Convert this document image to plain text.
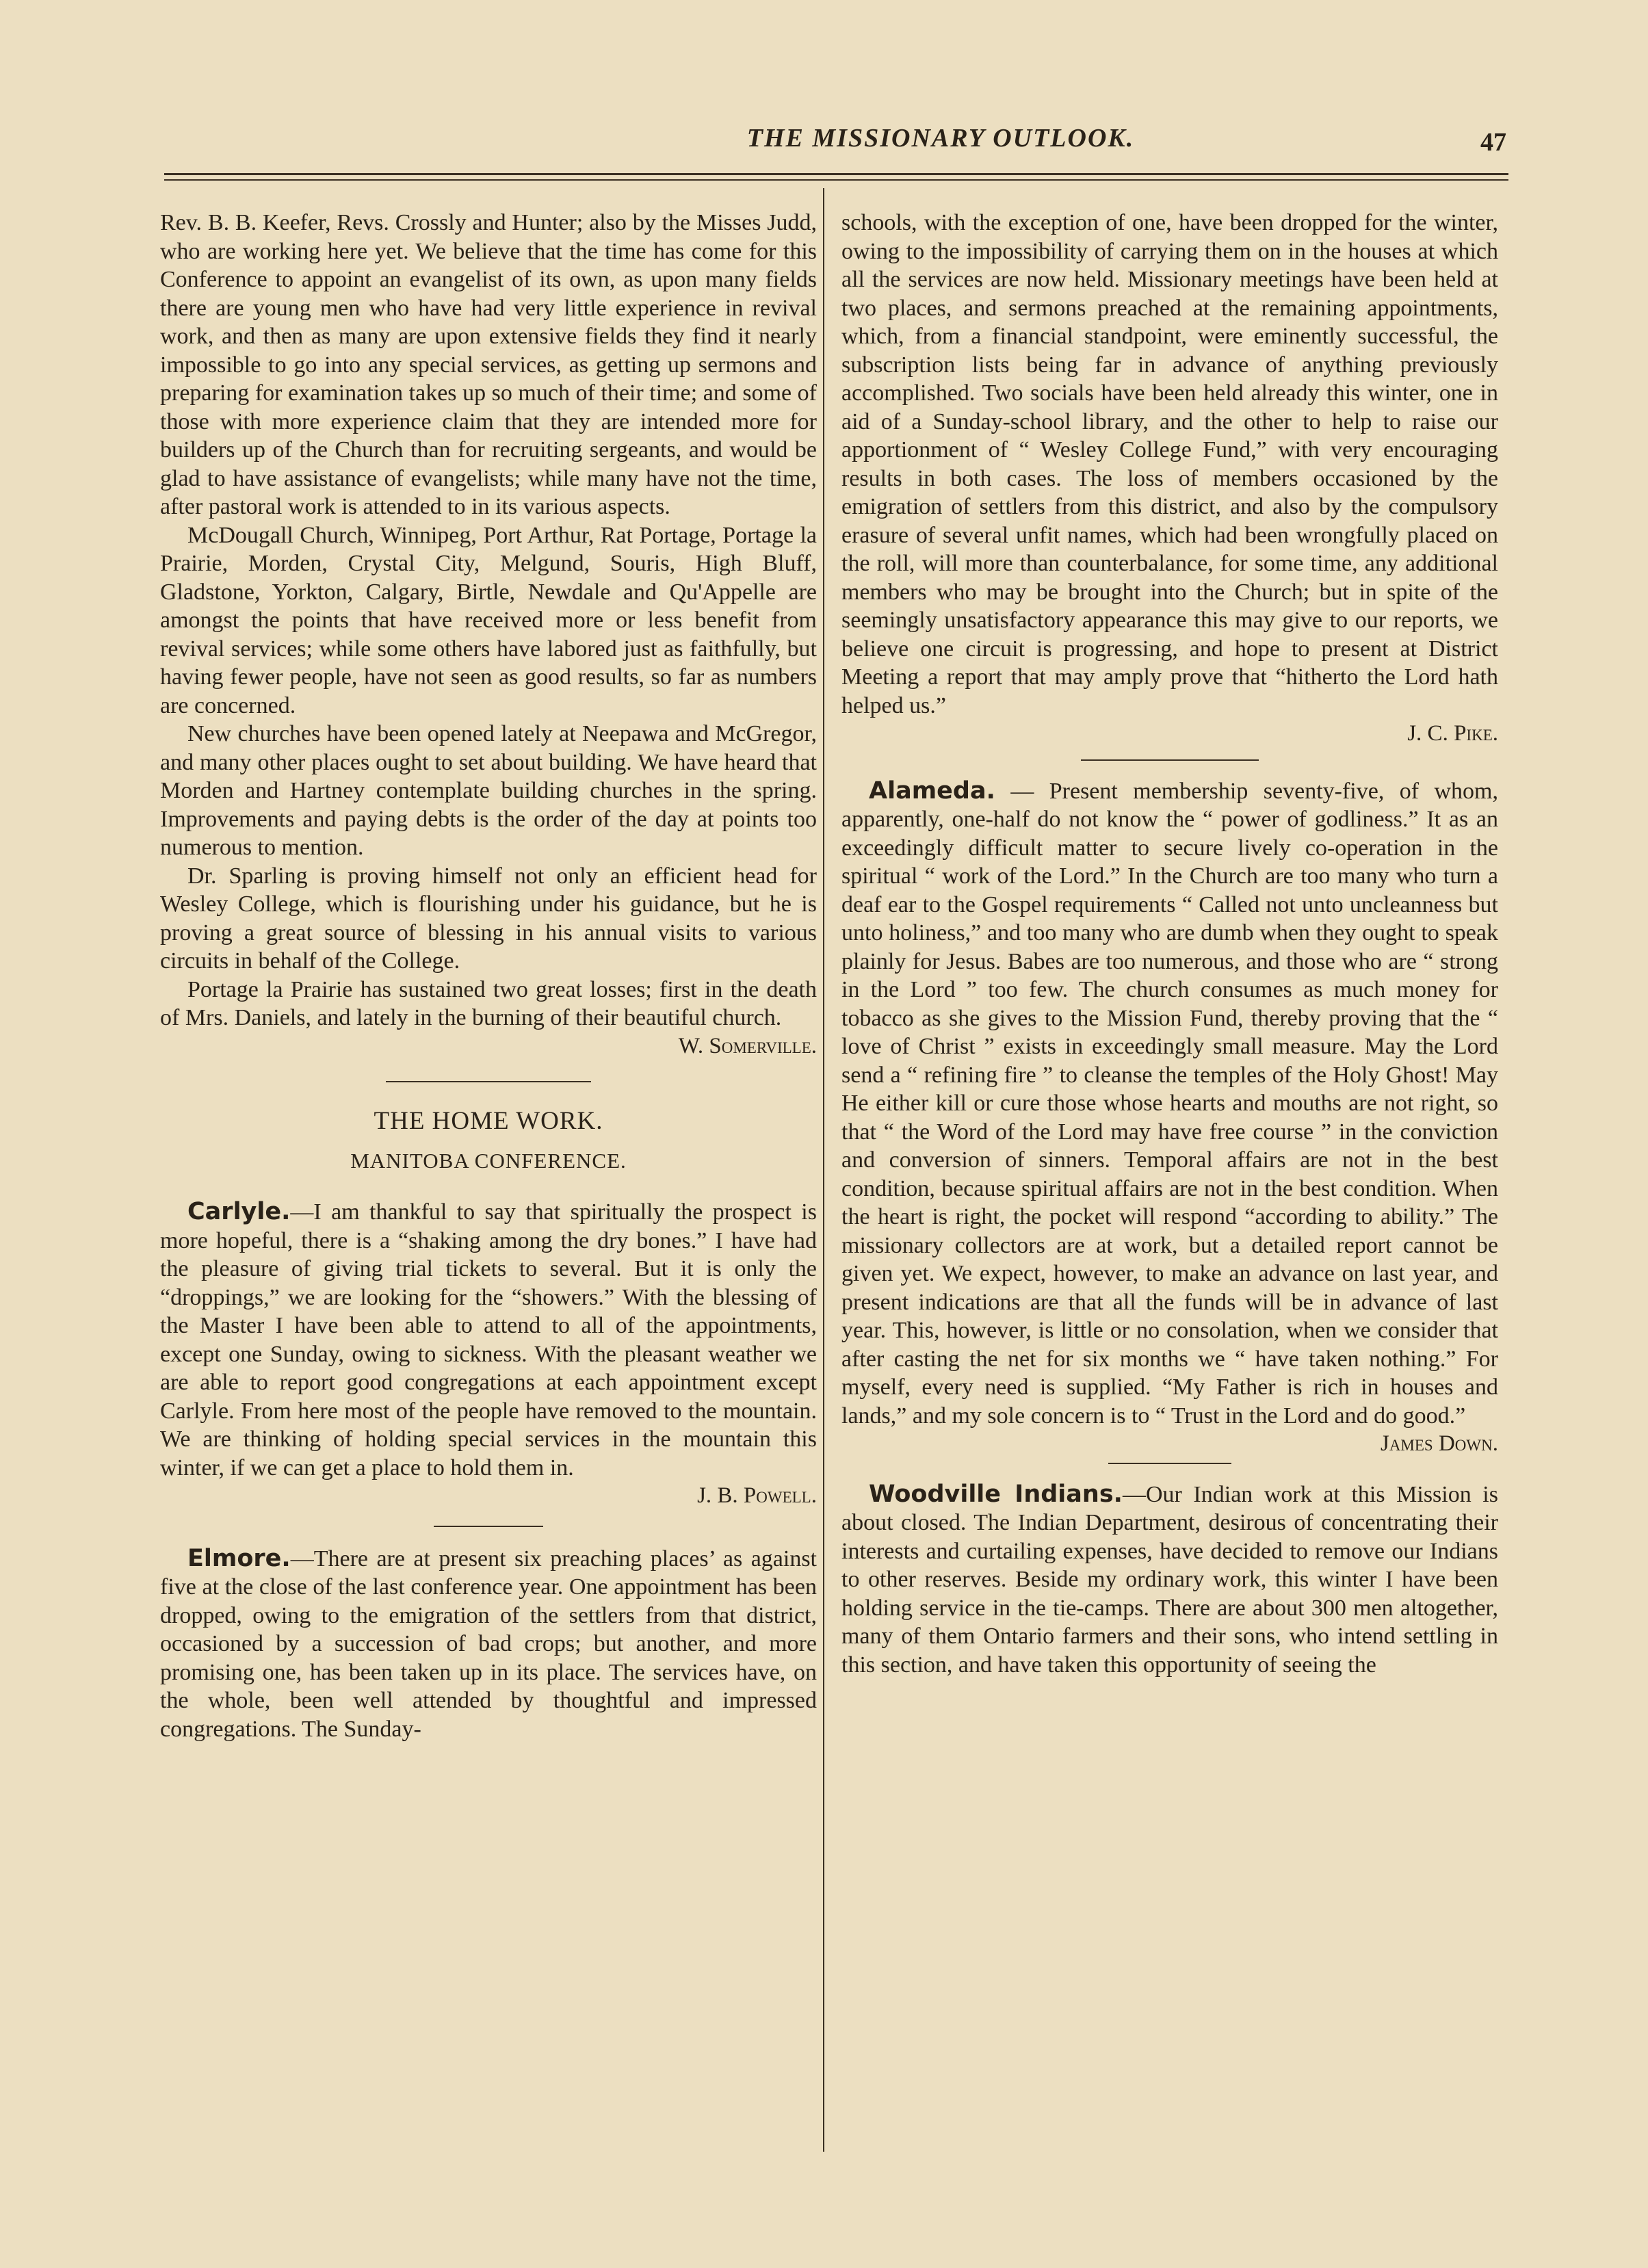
THE MISSIONARY OUTLOOK.	47

Rev. B. B. Keefer, Revs. Crossly and Hunter; also by the Misses Judd, who are working here yet. We believe that the time has come for this Conference to appoint an evangelist of its own, as upon many fields there are young men who have had very little experience in revival work, and then as many are upon extensive fields they find it nearly impossible to go into any special services, as getting up sermons and preparing for examination takes up so much of their time; and some of those with more experience claim that they are intended more for builders up of the Church than for recruiting sergeants, and would be glad to have assistance of evangelists; while many have not the time, after pastoral work is attended to in its various aspects.

McDougall Church, Winnipeg, Port Arthur, Rat Portage, Portage la Prairie, Morden, Crystal City, Melgund, Souris, High Bluff, Gladstone, Yorkton, Calgary, Birtle, Newdale and Qu'Appelle are amongst the points that have received more or less benefit from revival services; while some others have labored just as faithfully, but having fewer people, have not seen as good results, so far as numbers are concerned.

New churches have been opened lately at Neepawa and McGregor, and many other places ought to set about building. We have heard that Morden and Hartney contemplate building churches in the spring. Improvements and paying debts is the order of the day at points too numerous to mention.

Dr. Sparling is proving himself not only an efficient head for Wesley College, which is flourishing under his guidance, but he is proving a great source of blessing in his annual visits to various circuits in behalf of the College.

Portage la Prairie has sustained two great losses; first in the death of Mrs. Daniels, and lately in the burning of their beautiful church.

W. Somerville.

THE HOME WORK.
MANITOBA CONFERENCE.

Carlyle.—I am thankful to say that spiritually the prospect is more hopeful, there is a “shaking among the dry bones.” I have had the pleasure of giving trial tickets to several. But it is only the “droppings,” we are looking for the “showers.” With the blessing of the Master I have been able to attend to all of the appointments, except one Sunday, owing to sickness. With the pleasant weather we are able to report good congregations at each appointment except Carlyle. From here most of the people have removed to the mountain. We are thinking of holding special services in the mountain this winter, if we can get a place to hold them in.

J. B. Powell.

Elmore.—There are at present six preaching places’ as against five at the close of the last conference year. One appointment has been dropped, owing to the emigration of the settlers from that district, occasioned by a succession of bad crops; but another, and more promising one, has been taken up in its place. The services have, on the whole, been well attended by thoughtful and impressed congregations. The Sunday-

schools, with the exception of one, have been dropped for the winter, owing to the impossibility of carrying them on in the houses at which all the services are now held. Missionary meetings have been held at two places, and sermons preached at the remaining appointments, which, from a financial standpoint, were eminently successful, the subscription lists being far in advance of anything previously accomplished. Two socials have been held already this winter, one in aid of a Sunday-school library, and the other to help to raise our apportionment of “ Wesley College Fund,” with very encouraging results in both cases. The loss of members occasioned by the emigration of settlers from this district, and also by the compulsory erasure of several unfit names, which had been wrongfully placed on the roll, will more than counterbalance, for some time, any additional members who may be brought into the Church; but in spite of the seemingly unsatisfactory appearance this may give to our reports, we believe one circuit is progressing, and hope to present at District Meeting a report that may amply prove that “hitherto the Lord hath helped us.”

J. C. Pike.

Alameda. — Present membership seventy-five, of whom, apparently, one-half do not know the “ power of godliness.” It as an exceedingly difficult matter to secure lively co-operation in the spiritual “ work of the Lord.” In the Church are too many who turn a deaf ear to the Gospel requirements “ Called not unto uncleanness but unto holiness,” and too many who are dumb when they ought to speak plainly for Jesus. Babes are too numerous, and those who are “ strong in the Lord ” too few. The church consumes as much money for tobacco as she gives to the Mission Fund, thereby proving that the “ love of Christ ” exists in exceedingly small measure. May the Lord send a “ refining fire ” to cleanse the temples of the Holy Ghost! May He either kill or cure those whose hearts and mouths are not right, so that “ the Word of the Lord may have free course ” in the conviction and conversion of sinners. Temporal affairs are not in the best condition, because spiritual affairs are not in the best condition. When the heart is right, the pocket will respond “according to ability.” The missionary collectors are at work, but a detailed report cannot be given yet. We expect, however, to make an advance on last year, and present indications are that all the funds will be in advance of last year. This, however, is little or no consolation, when we consider that after casting the net for six months we “ have taken nothing.” For myself, every need is supplied. “My Father is rich in houses and lands,” and my sole concern is to “ Trust in the Lord and do good.”

James Down.

Woodville Indians.—Our Indian work at this Mission is about closed. The Indian Department, desirous of concentrating their interests and curtailing expenses, have decided to remove our Indians to other reserves. Beside my ordinary work, this winter I have been holding service in the tie-camps. There are about 300 men altogether, many of them Ontario farmers and their sons, who intend settling in this section, and have taken this opportunity of seeing the
